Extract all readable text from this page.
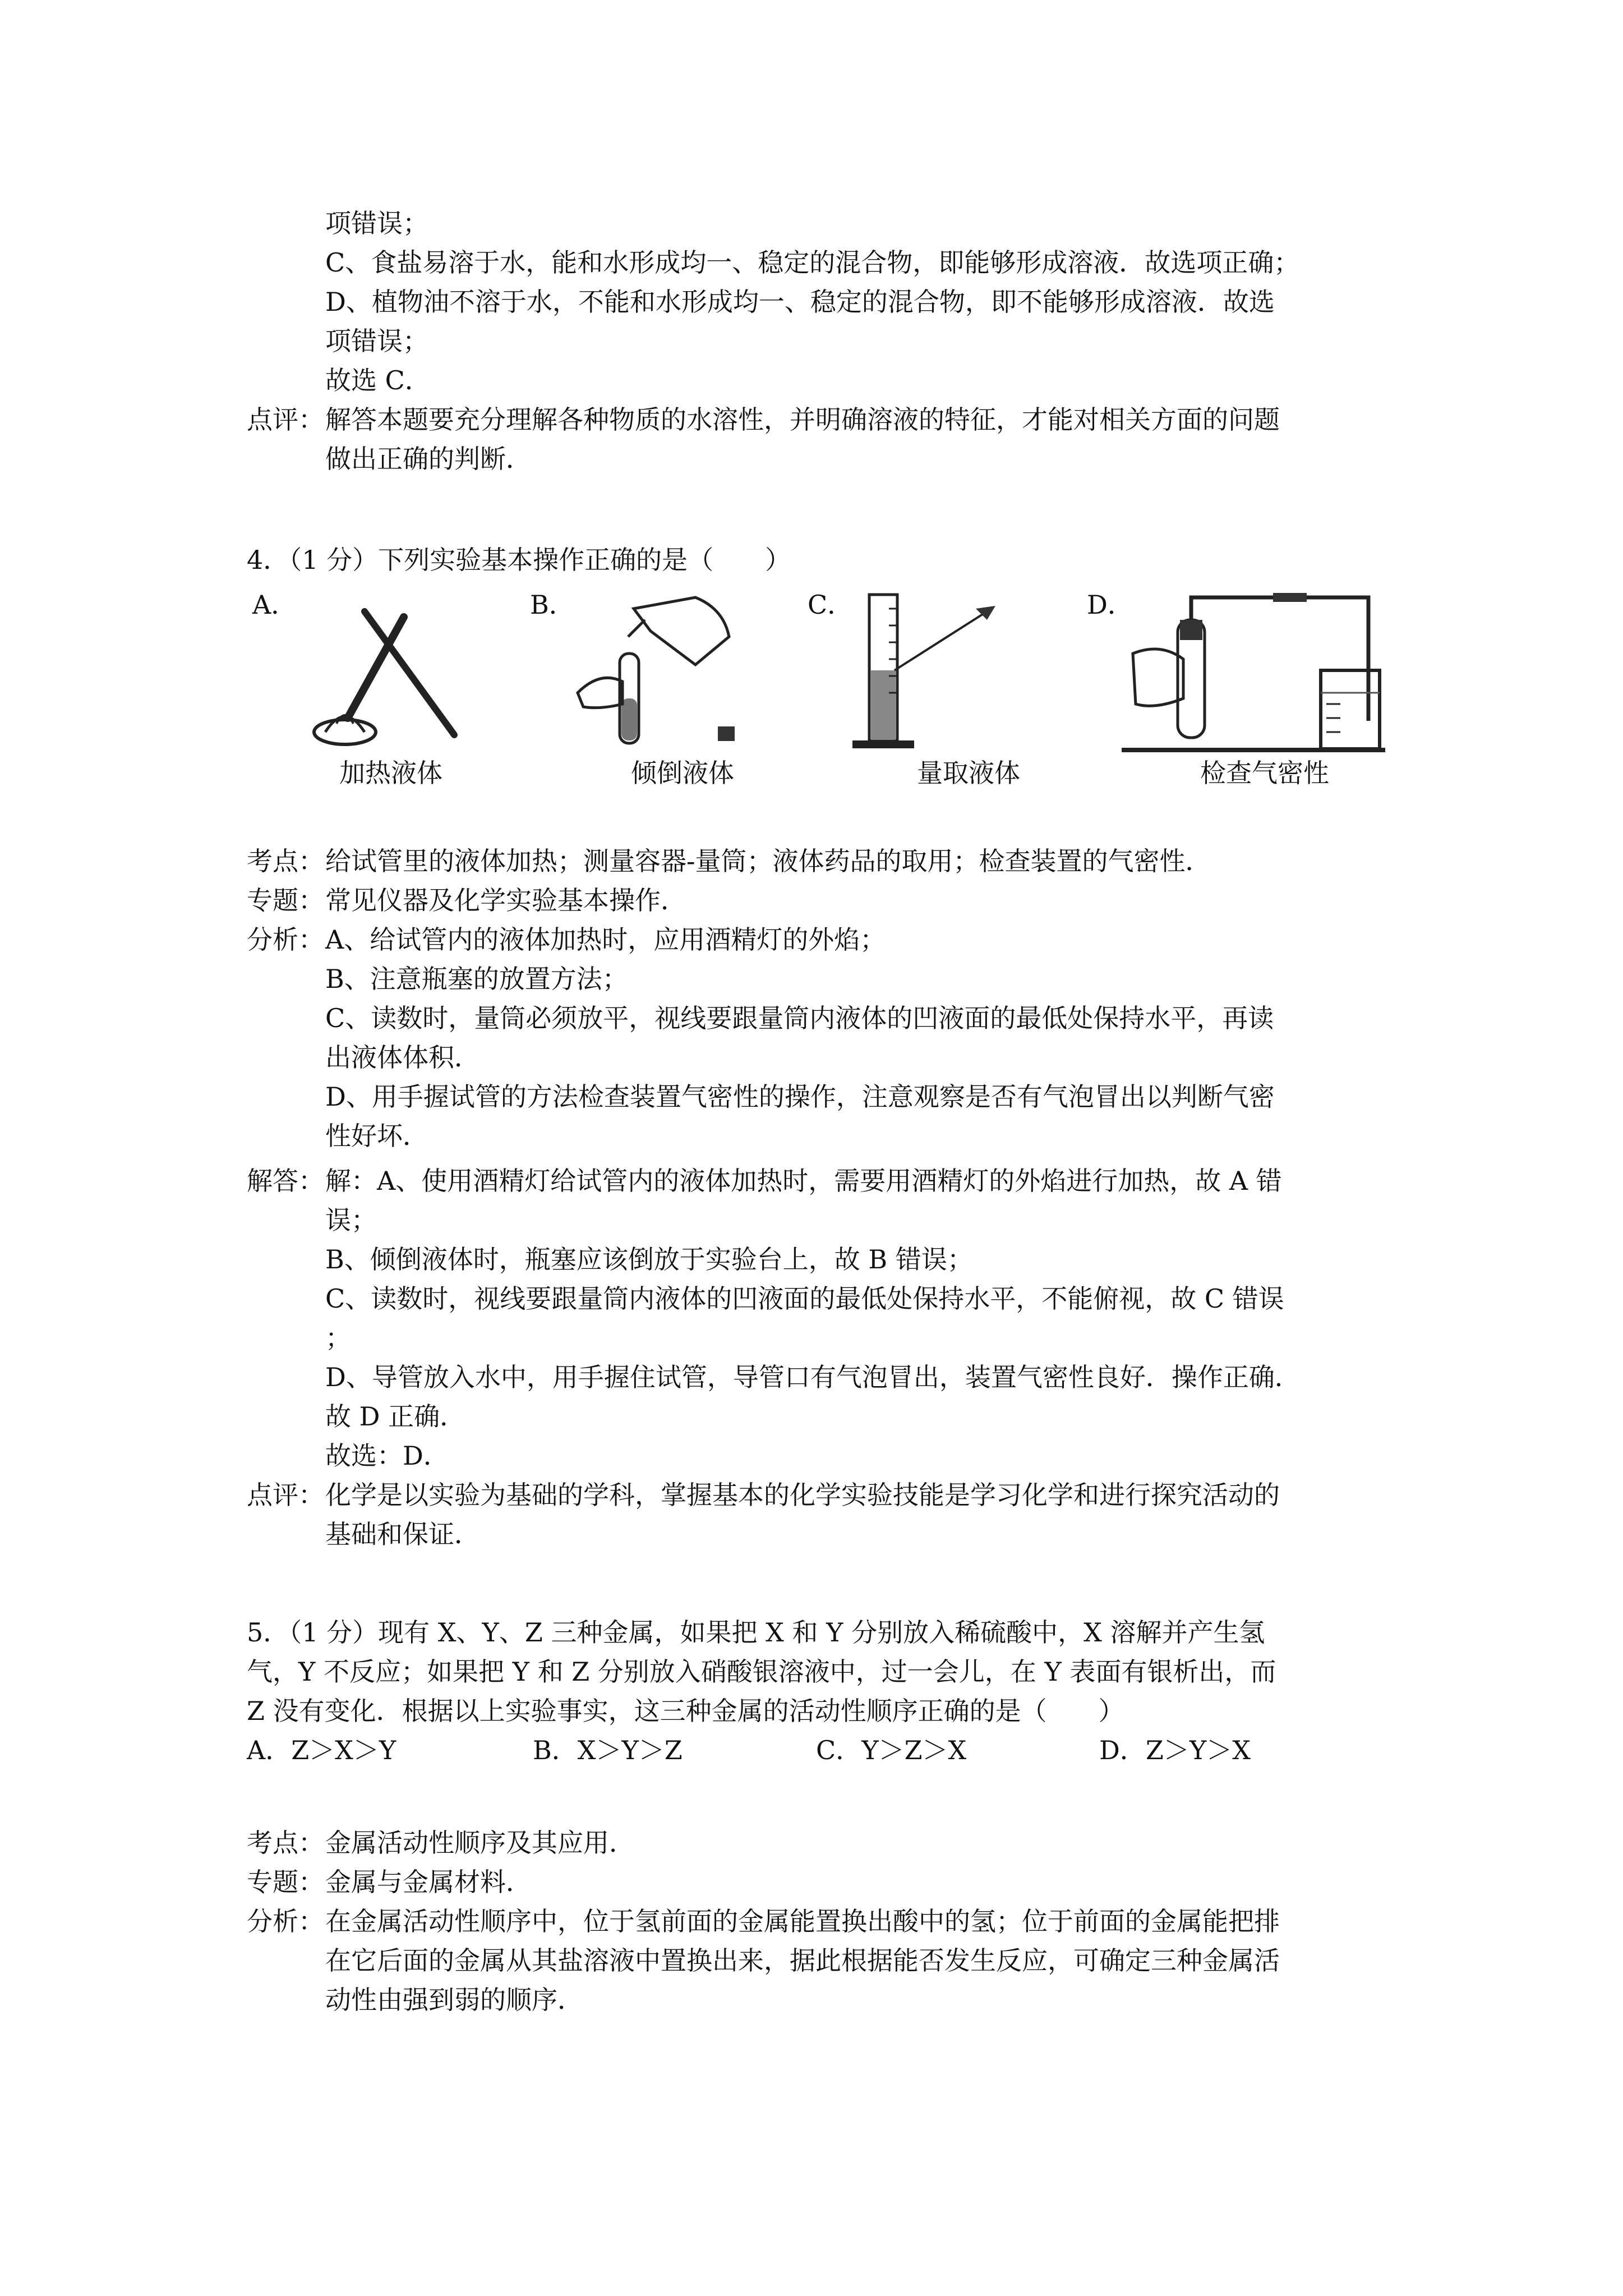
项错误；
C、食盐易溶于水，能和水形成均一、稳定的混合物，即能够形成溶液．故选项正确；
D、植物油不溶于水，不能和水形成均一、稳定的混合物，即不能够形成溶液．故选
项错误；
故选 C．
点评： 解答本题要充分理解各种物质的水溶性，并明确溶液的特征，才能对相关方面的问题
做出正确的判断．
4．（1 分）下列实验基本操作正确的是（　　）
A．	B．	C．	D．
加热液体	倾倒液体	量取液体	检查气密性
考点： 给试管里的液体加热；测量容器-量筒；液体药品的取用；检查装置的气密性．
专题： 常见仪器及化学实验基本操作．
分析： A、给试管内的液体加热时，应用酒精灯的外焰；
B、注意瓶塞的放置方法；
C、读数时，量筒必须放平，视线要跟量筒内液体的凹液面的最低处保持水平，再读
出液体体积．
D、用手握试管的方法检查装置气密性的操作，注意观察是否有气泡冒出以判断气密
性好坏．
解答： 解：A、使用酒精灯给试管内的液体加热时，需要用酒精灯的外焰进行加热，故 A 错
误；
B、倾倒液体时，瓶塞应该倒放于实验台上，故 B 错误；
C、读数时，视线要跟量筒内液体的凹液面的最低处保持水平，不能俯视，故 C 错误
；
D、导管放入水中，用手握住试管，导管口有气泡冒出，装置气密性良好．操作正确．
故 D 正确．
故选：D．
点评： 化学是以实验为基础的学科，掌握基本的化学实验技能是学习化学和进行探究活动的
基础和保证．
5．（1 分）现有 X、Y、Z 三种金属，如果把 X 和 Y 分别放入稀硫酸中，X 溶解并产生氢
气，Y 不反应；如果把 Y 和 Z 分别放入硝酸银溶液中，过一会儿，在 Y 表面有银析出，而
Z 没有变化．根据以上实验事实，这三种金属的活动性顺序正确的是（　　）
A．Z＞X＞Y	B．X＞Y＞Z	C．Y＞Z＞X	D．Z＞Y＞X
考点： 金属活动性顺序及其应用．
专题： 金属与金属材料．
分析： 在金属活动性顺序中，位于氢前面的金属能置换出酸中的氢；位于前面的金属能把排
在它后面的金属从其盐溶液中置换出来，据此根据能否发生反应，可确定三种金属活
动性由强到弱的顺序．
